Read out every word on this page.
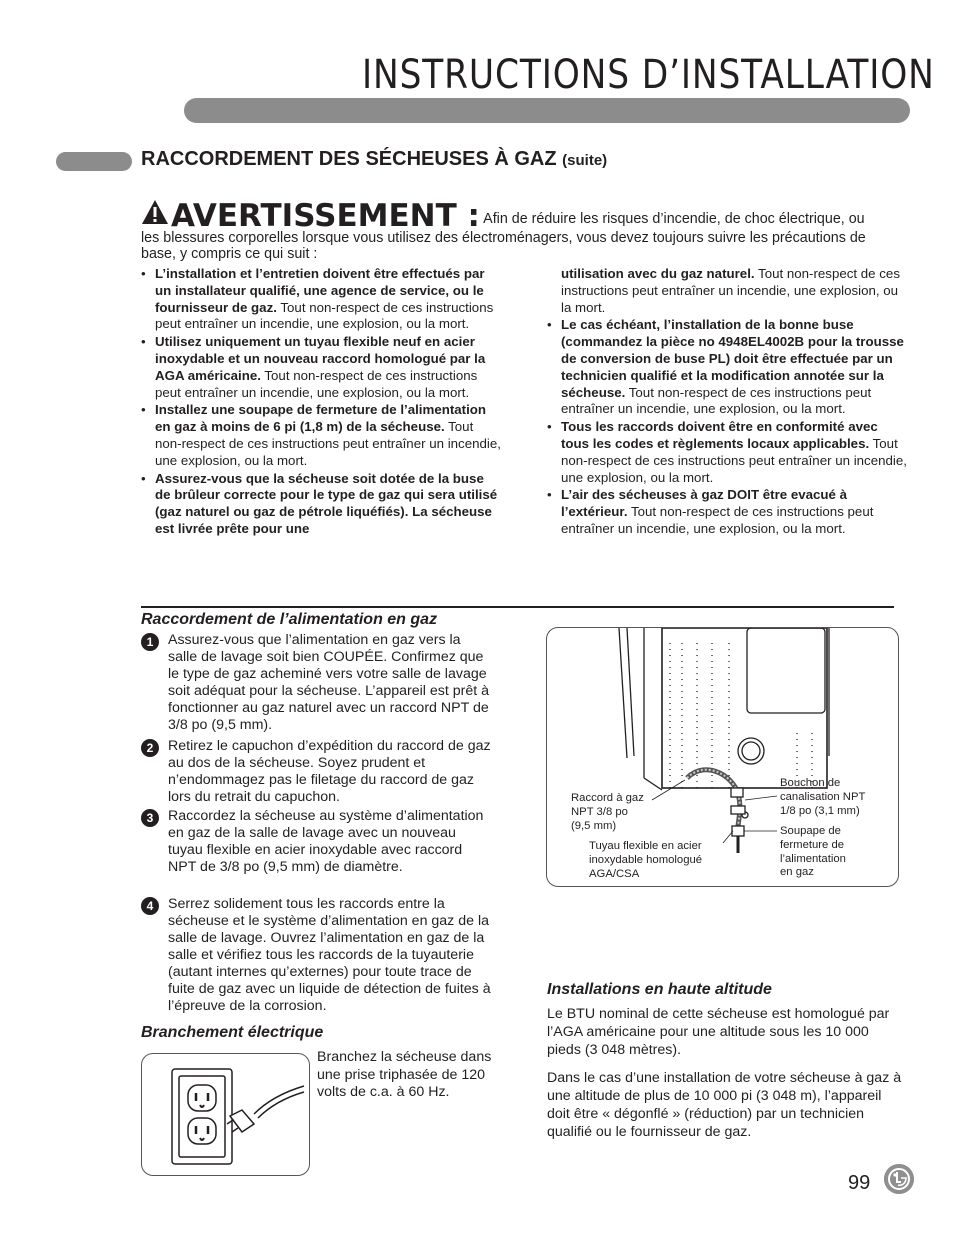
INSTRUCTIONS D’INSTALLATION
RACCORDEMENT DES SÉCHEUSES À GAZ (suite)
AVERTISSEMENT : Afin de réduire les risques d’incendie, de choc électrique, ou les blessures corporelles lorsque vous utilisez des électroménagers, vous devez toujours suivre les précautions de base, y compris ce qui suit :
• L’installation et l’entretien doivent être effectués par un installateur qualifié, une agence de service, ou le fournisseur de gaz. Tout non-respect de ces instructions peut entraîner un incendie, une explosion, ou la mort.
• Utilisez uniquement un tuyau flexible neuf en acier inoxydable et un nouveau raccord homologué par la AGA américaine. Tout non-respect de ces instructions peut entraîner un incendie, une explosion, ou la mort.
• Installez une soupape de fermeture de l’alimentation en gaz à moins de 6 pi (1,8 m) de la sécheuse. Tout non-respect de ces instructions peut entraîner un incendie, une explosion, ou la mort.
• Assurez-vous que la sécheuse soit dotée de la buse de brûleur correcte pour le type de gaz qui sera utilisé (gaz naturel ou gaz de pétrole liquéfiés). La sécheuse est livrée prête pour une
utilisation avec du gaz naturel. Tout non-respect de ces instructions peut entraîner un incendie, une explosion, ou la mort.
• Le cas échéant, l’installation de la bonne buse (commandez la pièce no 4948EL4002B pour la trousse de conversion de buse PL) doit être effectuée par un technicien qualifié et la modification annotée sur la sécheuse. Tout non-respect de ces instructions peut entraîner un incendie, une explosion, ou la mort.
• Tous les raccords doivent être en conformité avec tous les codes et règlements locaux applicables. Tout non-respect de ces instructions peut entraîner un incendie, une explosion, ou la mort.
• L’air des sécheuses à gaz DOIT être evacué à l’extérieur. Tout non-respect de ces instructions peut entraîner un incendie, une explosion, ou la mort.
Raccordement de l’alimentation en gaz
1	Assurez-vous que l’alimentation en gaz vers la salle de lavage soit bien COUPÉE. Confirmez que le type de gaz acheminé vers votre salle de lavage soit adéquat pour la sécheuse. L’appareil est prêt à fonctionner au gaz naturel avec un raccord NPT de 3/8 po (9,5 mm).
2	Retirez le capuchon d’expédition du raccord de gaz au dos de la sécheuse. Soyez prudent et n’endommagez pas le filetage du raccord de gaz lors du retrait du capuchon.
3	Raccordez la sécheuse au système d’alimentation en gaz de la salle de lavage avec un nouveau tuyau flexible en acier inoxydable avec raccord NPT de 3/8 po (9,5 mm) de diamètre.
4	Serrez solidement tous les raccords entre la sécheuse et le système d’alimentation en gaz de la salle de lavage. Ouvrez l’alimentation en gaz de la salle et vérifiez tous les raccords de la tuyauterie (autant internes qu’externes) pour toute trace de fuite de gaz avec un liquide de détection de fuites à l’épreuve de la corrosion.
Raccord à gaz
NPT 3/8 po
(9,5 mm)
Tuyau flexible en acier
inoxydable homologué
AGA/CSA
Bouchon de
canalisation NPT
1/8 po (3,1 mm)
Soupape de
fermeture de
l’alimentation
en gaz
Branchement électrique
Branchez la sécheuse dans une prise triphasée de 120 volts de c.a. à 60 Hz.
Installations en haute altitude
Le BTU nominal de cette sécheuse est homologué par l’AGA américaine pour une altitude sous les 10 000 pieds (3 048 mètres).
Dans le cas d’une installation de votre sécheuse à gaz à une altitude de plus de 10 000 pi (3 048 m), l’appareil doit être « dégonflé » (réduction) par un technicien qualifié ou le fournisseur de gaz.
99
